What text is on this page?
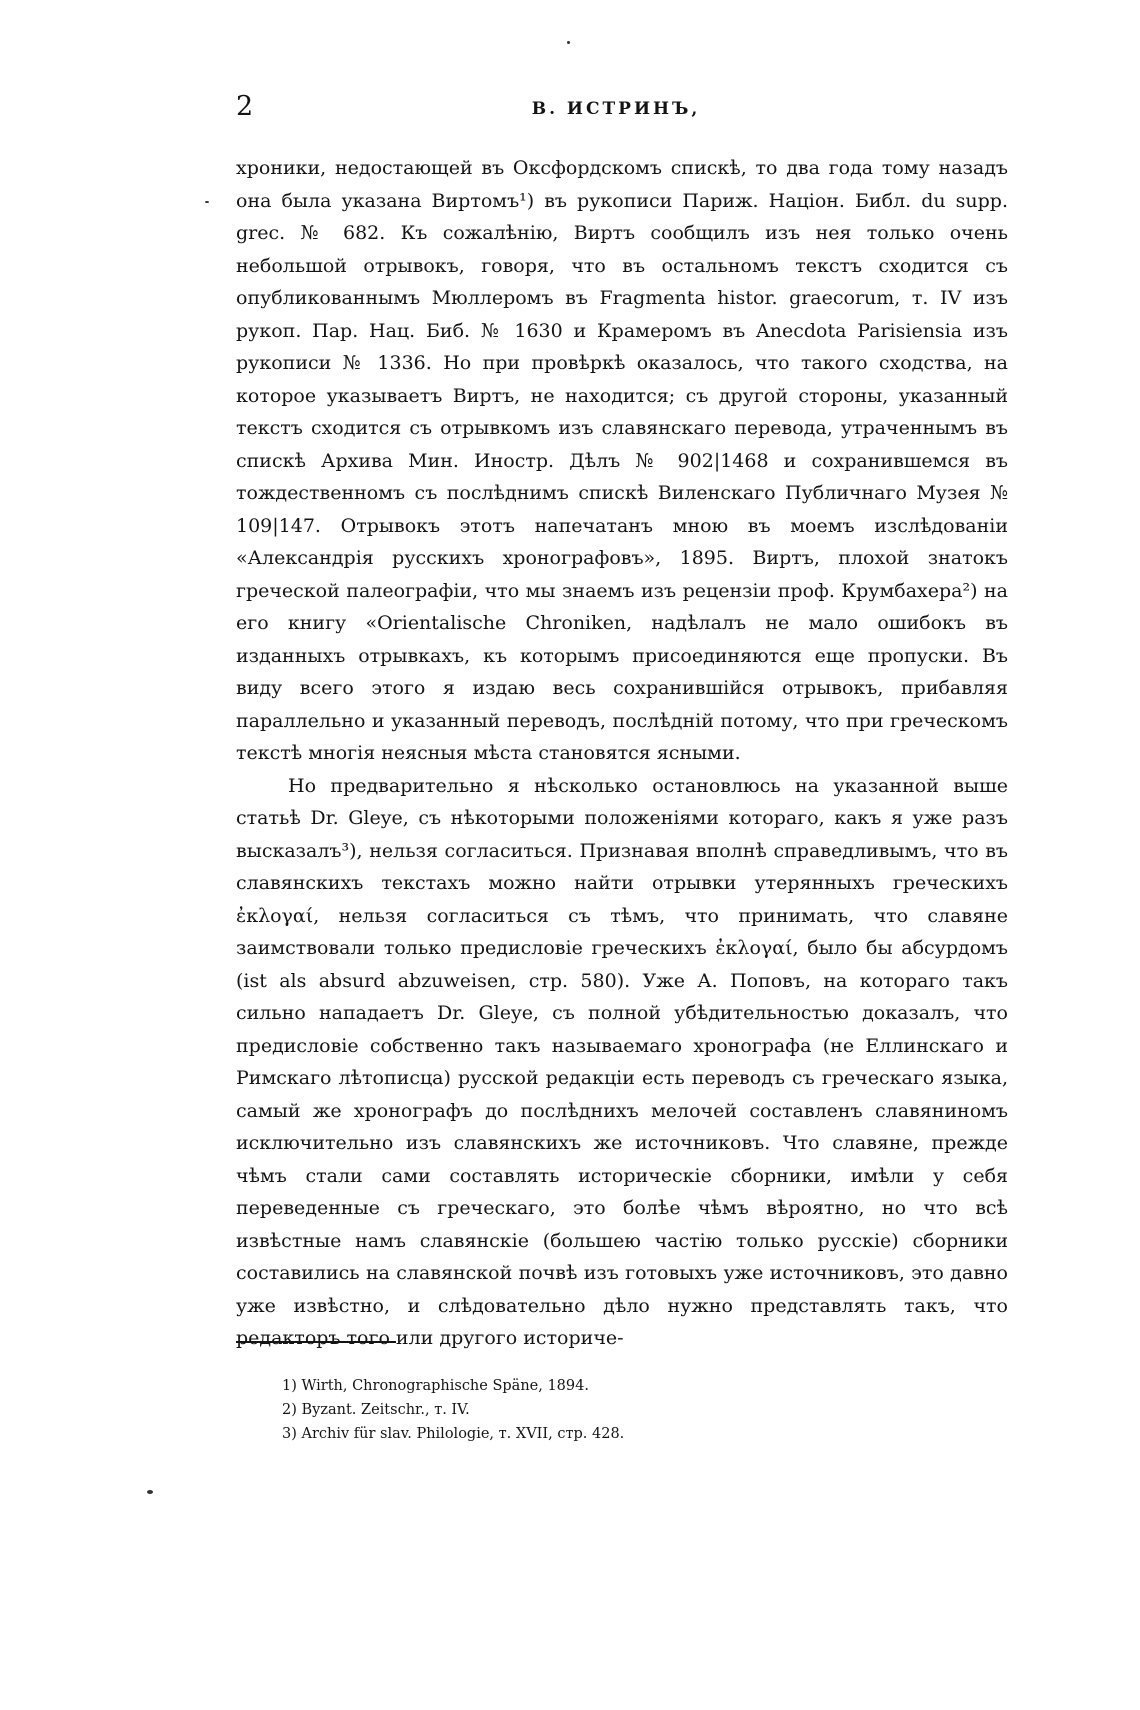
2	В. ИСТРИНЪ,

хроники, недостающей въ Оксфордскомъ спискѣ, то два года тому назадъ она была указана Виртомъ¹) въ рукописи Париж. Націон. Библ. du supp. grec. № 682. Къ сожалѣнію, Виртъ сообщилъ изъ нея только очень небольшой отрывокъ, говоря, что въ остальномъ текстъ сходится съ опубликованнымъ Мюллеромъ въ Fragmenta histor. graecorum, т. IV изъ рукоп. Пар. Нац. Биб. № 1630 и Крамеромъ въ Anecdota Parisiensia изъ рукописи № 1336. Но при провѣркѣ оказалось, что такого сходства, на которое указываетъ Виртъ, не находится; съ другой стороны, указанный текстъ сходится съ отрывкомъ изъ славянскаго перевода, утраченнымъ въ спискѣ Архива Мин. Иностр. Дѣлъ № 902|1468 и сохранившемся въ тождественномъ съ послѣднимъ спискѣ Виленскаго Публичнаго Музея № 109|147. Отрывокъ этотъ напечатанъ мною въ моемъ изслѣдованіи «Александрія русскихъ хронографовъ», 1895. Виртъ, плохой знатокъ греческой палеографіи, что мы знаемъ изъ рецензіи проф. Крумбахера²) на его книгу «Orientalische Chroniken, надѣлалъ не мало ошибокъ въ изданныхъ отрывкахъ, къ которымъ присоединяются еще пропуски. Въ виду всего этого я издаю весь сохранившійся отрывокъ, прибавляя параллельно и указанный переводъ, послѣдній потому, что при греческомъ текстѣ многія неясныя мѣста становятся ясными.

Но предварительно я нѣсколько остановлюсь на указанной выше статьѣ Dr. Gleye, съ нѣкоторыми положеніями котораго, какъ я уже разъ высказалъ³), нельзя согласиться. Признавая вполнѣ справедливымъ, что въ славянскихъ текстахъ можно найти отрывки утерянныхъ греческихъ ἐκλογαί, нельзя согласиться съ тѣмъ, что принимать, что славяне заимствовали только предисловіе греческихъ ἐκλογαί, было бы абсурдомъ (ist als absurd abzuweisen, стр. 580). Уже А. Поповъ, на котораго такъ сильно нападаетъ Dr. Gleye, съ полной убѣдительностью доказалъ, что предисловіе собственно такъ называемаго хронографа (не Еллинскаго и Римскаго лѣтописца) русской редакціи есть переводъ съ греческаго языка, самый же хронографъ до послѣднихъ мелочей составленъ славяниномъ исключительно изъ славянскихъ же источниковъ. Что славяне, прежде чѣмъ стали сами составлять историческіе сборники, имѣли у себя переведенные съ греческаго, это болѣе чѣмъ вѣроятно, но что всѣ извѣстные намъ славянскіе (большею частію только русскіе) сборники составились на славянской почвѣ изъ готовыхъ уже источниковъ, это давно уже извѣстно, и слѣдовательно дѣло нужно представлять такъ, что редакторъ того или другого историче-

1) Wirth, Chronographische Späne, 1894.
2) Byzant. Zeitschr., т. IV.
3) Archiv für slav. Philologie, т. XVII, стр. 428.
